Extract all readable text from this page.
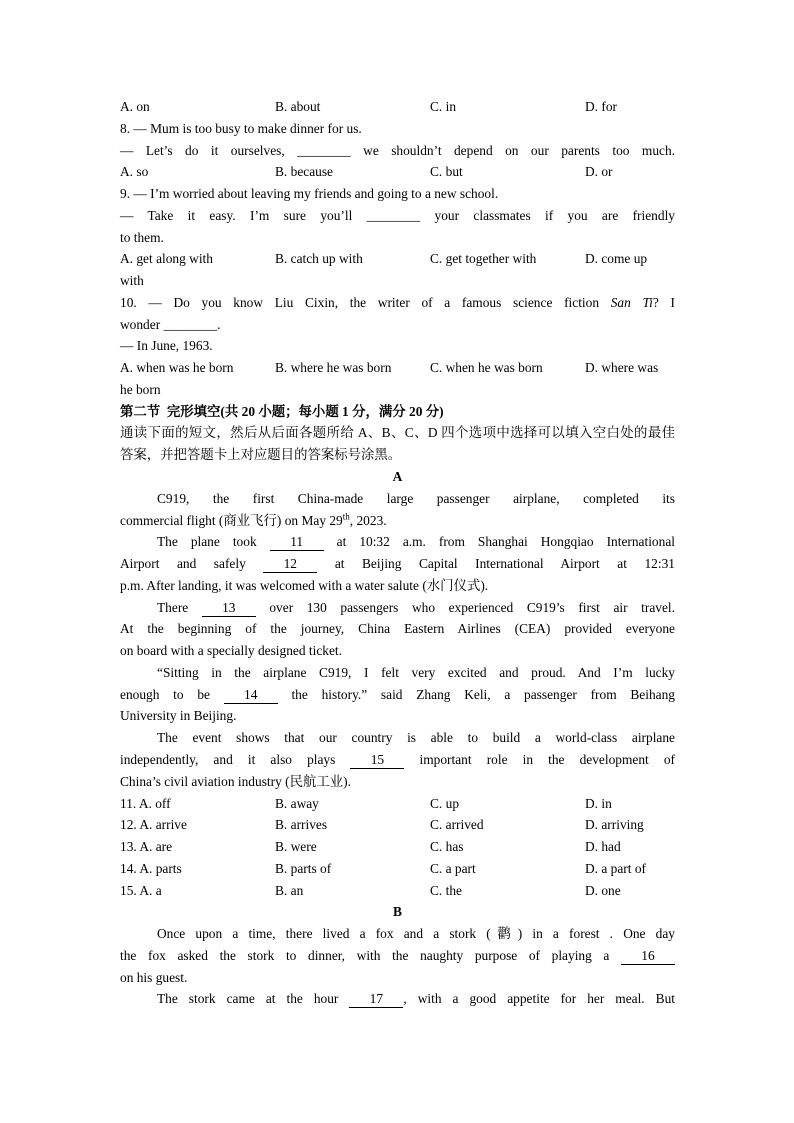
A. on	B. about	C. in	D. for
8. — Mum is too busy to make dinner for us.
— Let’s do it ourselves, ________ we shouldn’t depend on our parents too much.
A. so	B. because	C. but	D. or
9. — I’m worried about leaving my friends and going to a new school.
— Take it easy. I’m sure you’ll ________ your classmates if you are friendly
to them.
A. get along with	B. catch up with	C. get together with	D. come up
with
10. — Do you know Liu Cixin, the writer of a famous science fiction San Ti? I
wonder ________.
— In June, 1963.
A. when was he born	B. where he was born	C. when he was born	D. where was
he born
第二节  完形填空(共 20 小题；每小题 1 分，满分 20 分)
通读下面的短文，然后从后面各题所给 A、B、C、D 四个选项中选择可以填入空白处的最佳
答案，并把答题卡上对应题目的答案标号涂黑。
A
C919, the first China-made large passenger airplane, completed its
commercial flight (商业飞行) on May 29th, 2023.
The plane took 11 at 10:32 a.m. from Shanghai Hongqiao International
Airport and safely 12 at Beijing Capital International Airport at 12:31
p.m. After landing, it was welcomed with a water salute (水门仪式).
There 13 over 130 passengers who experienced C919’s first air travel.
At the beginning of the journey, China Eastern Airlines (CEA) provided everyone
on board with a specially designed ticket.
“Sitting in the airplane C919, I felt very excited and proud. And I’m lucky
enough to be 14 the history.” said Zhang Keli, a passenger from Beihang
University in Beijing.
The event shows that our country is able to build a world-class airplane
independently, and it also plays 15 important role in the development of
China’s civil aviation industry (民航工业).
11. A. off	B. away	C. up	D. in
12. A. arrive	B. arrives	C. arrived	D. arriving
13. A. are	B. were	C. has	D. had
14. A. parts	B. parts of	C. a part	D. a part of
15. A. a	B. an	C. the	D. one
B
Once upon a time, there lived a fox and a stork (鹳) in a forest . One day
the fox asked the stork to dinner, with the naughty purpose of playing a 16
on his guest.
The stork came at the hour 17 , with a good appetite for her meal. But
